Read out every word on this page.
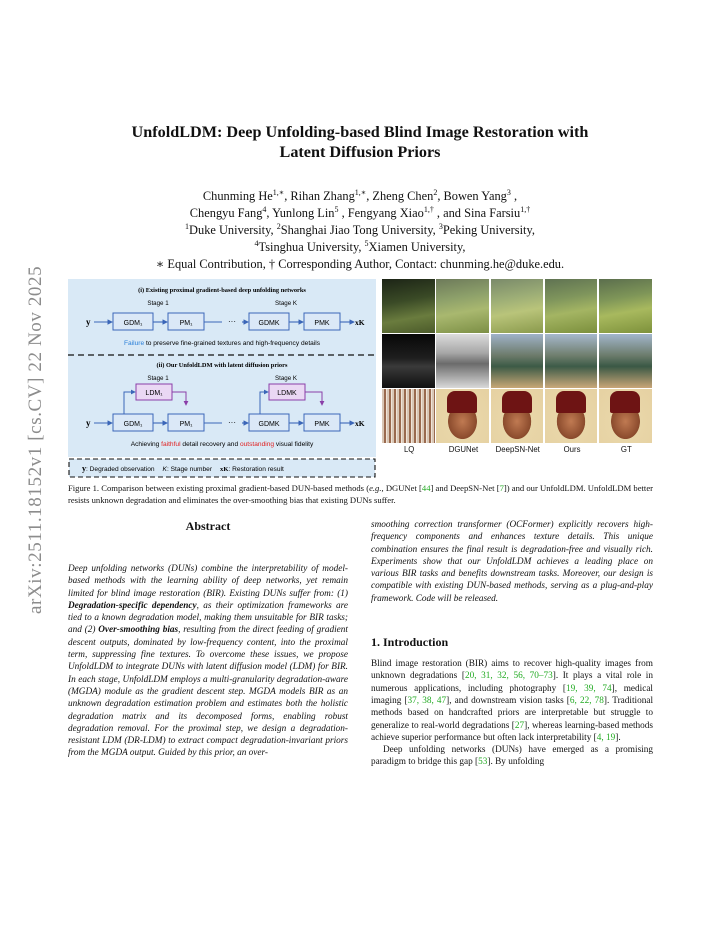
arXiv:2511.18152v1 [cs.CV] 22 Nov 2025
UnfoldLDM: Deep Unfolding-based Blind Image Restoration with
Latent Diffusion Priors
Chunming $He^{1,∗}$, Rihan Zhang$^{1,∗}$, Zheng Chen$^2$, Bowen Yang$^3$ ,
Chengyu Fang$^4$, Yunlong Lin$^5$ , Fengyang Xiao$^{1,\dagger}$ , and Sina Farsiu$^{1,\dagger}$
$^1$Duke University, $^2$Shanghai Jiao Tong University, $^3$Peking University,
$^4$Tsinghua University, $^5$Xiamen University,
∗ Equal Contribution, † Corresponding Author, Contact: chunming.he@duke.edu.
(i) Existing proximal gradient-based deep unfolding networks
Stage 1	Stage K
y	GDM₁	PM₁	···	GDMK	PMK	xK
Failure to preserve fine-grained textures and high-frequency details
(ii) Our UnfoldLDM with latent diffusion priors
Stage 1	Stage K
LDM₁	LDMK
y	GDM₁	PM₁	···	GDMK	PMK	xK
Achieving faithful detail recovery and outstanding visual fidelity
y: Degraded observation K: Stage number xK: Restoration result
LQ	DGUNet	DeepSN-Net	Ours	GT
Figure 1. Comparison between existing proximal gradient-based DUN-based methods (e.g., DGUNet [44] and DeepSN-Net [7]) and our UnfoldLDM. UnfoldLDM better resists unknown degradation and eliminates the over-smoothing bias that existing DUNs suffer.
Abstract

Deep unfolding networks (DUNs) combine the interpretability of model-based methods with the learning ability of deep networks, yet remain limited for blind image restoration (BIR). Existing DUNs suffer from: (1) Degradation-specific dependency, as their optimization frameworks are tied to a known degradation model, making them unsuitable for BIR tasks; and (2) Over-smoothing bias, resulting from the direct feeding of gradient descent outputs, dominated by low-frequency content, into the proximal term, suppressing fine textures. To overcome these issues, we propose UnfoldLDM to integrate DUNs with latent diffusion model (LDM) for BIR. In each stage, UnfoldLDM employs a multi-granularity degradation-aware (MGDA) module as the gradient descent step. MGDA models BIR as an unknown degradation estimation problem and estimates both the holistic degradation matrix and its decomposed forms, enabling robust degradation removal. For the proximal step, we design a degradation-resistant LDM (DR-LDM) to extract compact degradation-invariant priors from the MGDA output. Guided by this prior, an over-

smoothing correction transformer (OCFormer) explicitly recovers high-frequency components and enhances texture details. This unique combination ensures the final result is degradation-free and visually rich. Experiments show that our UnfoldLDM achieves a leading place on various BIR tasks and benefits downstream tasks. Moreover, our design is compatible with existing DUN-based methods, serving as a plug-and-play framework. Code will be released.

1. Introduction

Blind image restoration (BIR) aims to recover high-quality images from unknown degradations [20, 31, 32, 56, 70–73]. It plays a vital role in numerous applications, including photography [19, 39, 74], medical imaging [37, 38, 47], and downstream vision tasks [6, 22, 78]. Traditional methods based on handcrafted priors are interpretable but struggle to generalize to real-world degradations [27], whereas learning-based methods achieve superior performance but often lack interpretability [4, 19].

Deep unfolding networks (DUNs) have emerged as a promising paradigm to bridge this gap [53]. By unfolding
